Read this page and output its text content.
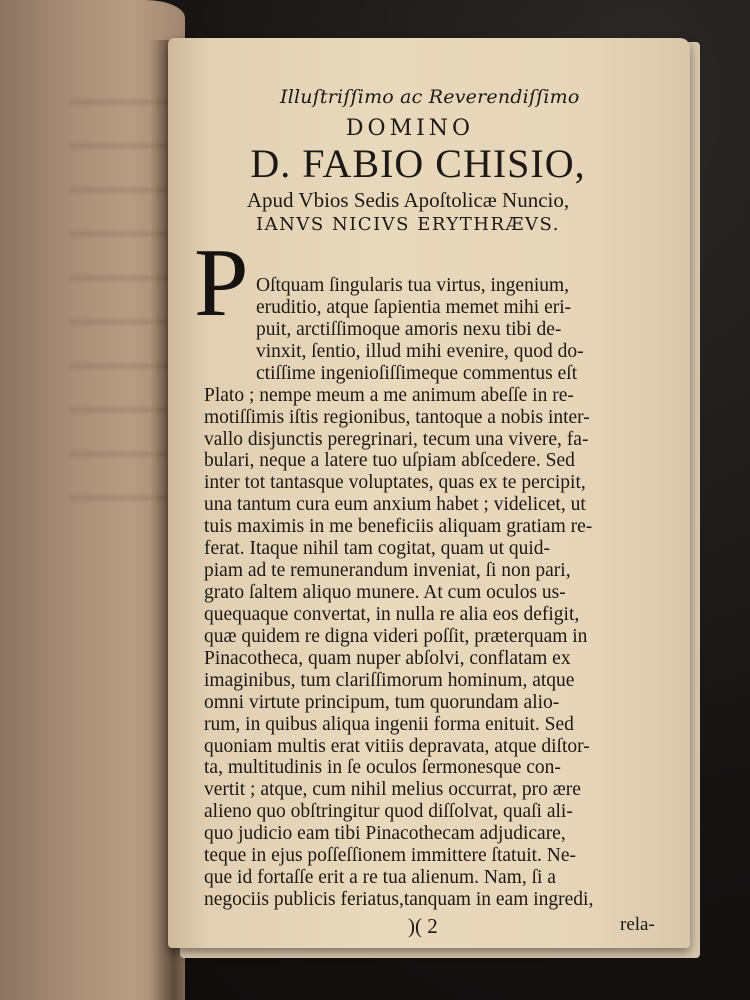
Illuſtriſſimo ac Reverendiſſimo
DOMINO
D. FABIO CHISIO,
Apud Vbios Sedis Apoſtolicæ Nuncio,
IANVS NICIVS ERYTHRÆVS.
P Oſtquam ſingularis tua virtus, ingenium,
eruditio, atque ſapientia memet mihi eri-
puit, arctiſſimoque amoris nexu tibi de-
vinxit, ſentio, illud mihi evenire, quod do-
ctiſſime ingenioſiſſimeque commentus eſt
Plato ; nempe meum a me animum abeſſe in re-
motiſſimis iſtis regionibus, tantoque a nobis inter-
vallo disjunctis peregrinari, tecum una vivere, fa-
bulari, neque a latere tuo uſpiam abſcedere. Sed
inter tot tantasque voluptates, quas ex te percipit,
una tantum cura eum anxium habet ; videlicet, ut
tuis maximis in me beneficiis aliquam gratiam re-
ferat. Itaque nihil tam cogitat, quam ut quid-
piam ad te remunerandum inveniat, ſi non pari,
grato ſaltem aliquo munere. At cum oculos us-
quequaque convertat, in nulla re alia eos defigit,
quæ quidem re digna videri poſſit, præterquam in
Pinacotheca, quam nuper abſolvi, conflatam ex
imaginibus, tum clariſſimorum hominum, atque
omni virtute principum, tum quorundam alio-
rum, in quibus aliqua ingenii forma enituit. Sed
quoniam multis erat vitiis depravata, atque diſtor-
ta, multitudinis in ſe oculos ſermonesque con-
vertit ; atque, cum nihil melius occurrat, pro ære
alieno quo obſtringitur quod diſſolvat, quaſi ali-
quo judicio eam tibi Pinacothecam adjudicare,
teque in ejus poſſeſſionem immittere ſtatuit. Ne-
que id fortaſſe erit a re tua alienum. Nam, ſi a
negociis publicis feriatus,tanquam in eam ingredi,
)( 2	rela-
